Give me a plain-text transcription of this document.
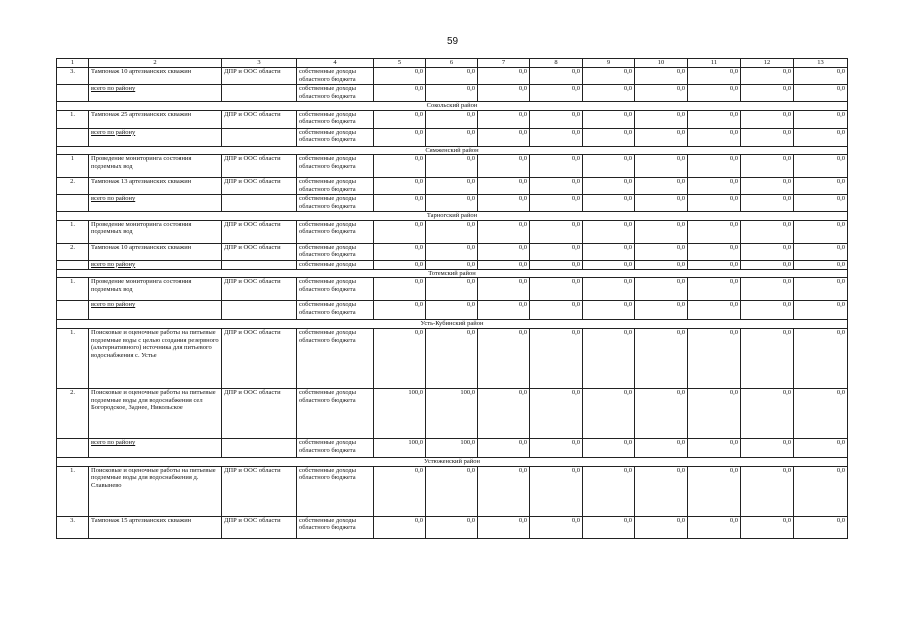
59
1	2	3	4	5	6	7	8	9	10	11	12	13
3.	Тампонаж 10 артезианских скважин	ДПР и ООС области	собственные доходы областного бюджета	0,0	0,0	0,0	0,0	0,0	0,0	0,0	0,0	0,0
	всего по району		собственные доходы областного бюджета	0,0	0,0	0,0	0,0	0,0	0,0	0,0	0,0	0,0
Сокольский район												
1.	Тампонаж 25 артезианских скважин	ДПР и ООС области	собственные доходы областного бюджета	0,0	0,0	0,0	0,0	0,0	0,0	0,0	0,0	0,0
	всего по району		собственные доходы областного бюджета	0,0	0,0	0,0	0,0	0,0	0,0	0,0	0,0	0,0
Сямженский район												
1	Проведение мониторинга состояния подземных вод	ДПР и ООС области	собственные доходы областного бюджета	0,0	0,0	0,0	0,0	0,0	0,0	0,0	0,0	0,0
2.	Тампонаж 13 артезианских скважин	ДПР и ООС области	собственные доходы областного бюджета	0,0	0,0	0,0	0,0	0,0	0,0	0,0	0,0	0,0
	всего по району		собственные доходы областного бюджета	0,0	0,0	0,0	0,0	0,0	0,0	0,0	0,0	0,0
Тарногский район												
1.	Проведение мониторинга состояния подземных вод	ДПР и ООС области	собственные доходы областного бюджета	0,0	0,0	0,0	0,0	0,0	0,0	0,0	0,0	0,0
2.	Тампонаж 10 артезианских скважин	ДПР и ООС области	собственные доходы областного бюджета	0,0	0,0	0,0	0,0	0,0	0,0	0,0	0,0	0,0
	всего по району		собственные доходы	0,0	0,0	0,0	0,0	0,0	0,0	0,0	0,0	0,0
Тотемский район												
1.	Проведение мониторинга состояния подземных вод	ДПР и ООС области	собственные доходы областного бюджета	0,0	0,0	0,0	0,0	0,0	0,0	0,0	0,0	0,0
	всего по району		собственные доходы областного бюджета	0,0	0,0	0,0	0,0	0,0	0,0	0,0	0,0	0,0
Усть-Кубинский район												
1.	Поисковые и оценочные работы на питьевые подземные воды с целью создания резервного (альтернативного) источника для питьевого водоснабжения с. Устье	ДПР и ООС области	собственные доходы областного бюджета	0,0	0,0	0,0	0,0	0,0	0,0	0,0	0,0	0,0
2.	Поисковые и оценочные работы на питьевые подземные воды для водоснабжения сел Богородское, Заднее, Никольское	ДПР и ООС области	собственные доходы областного бюджета	100,0	100,0	0,0	0,0	0,0	0,0	0,0	0,0	0,0
	всего по району		собственные доходы областного бюджета	100,0	100,0	0,0	0,0	0,0	0,0	0,0	0,0	0,0
Устюженский район												
1.	Поисковые и оценочные работы на питьевые подземные воды для водоснабжения д. Славынево	ДПР и ООС области	собственные доходы областного бюджета	0,0	0,0	0,0	0,0	0,0	0,0	0,0	0,0	0,0
3.	Тампонаж 15 артезианских скважин	ДПР и ООС области	собственные доходы областного бюджета	0,0	0,0	0,0	0,0	0,0	0,0	0,0	0,0	0,0
